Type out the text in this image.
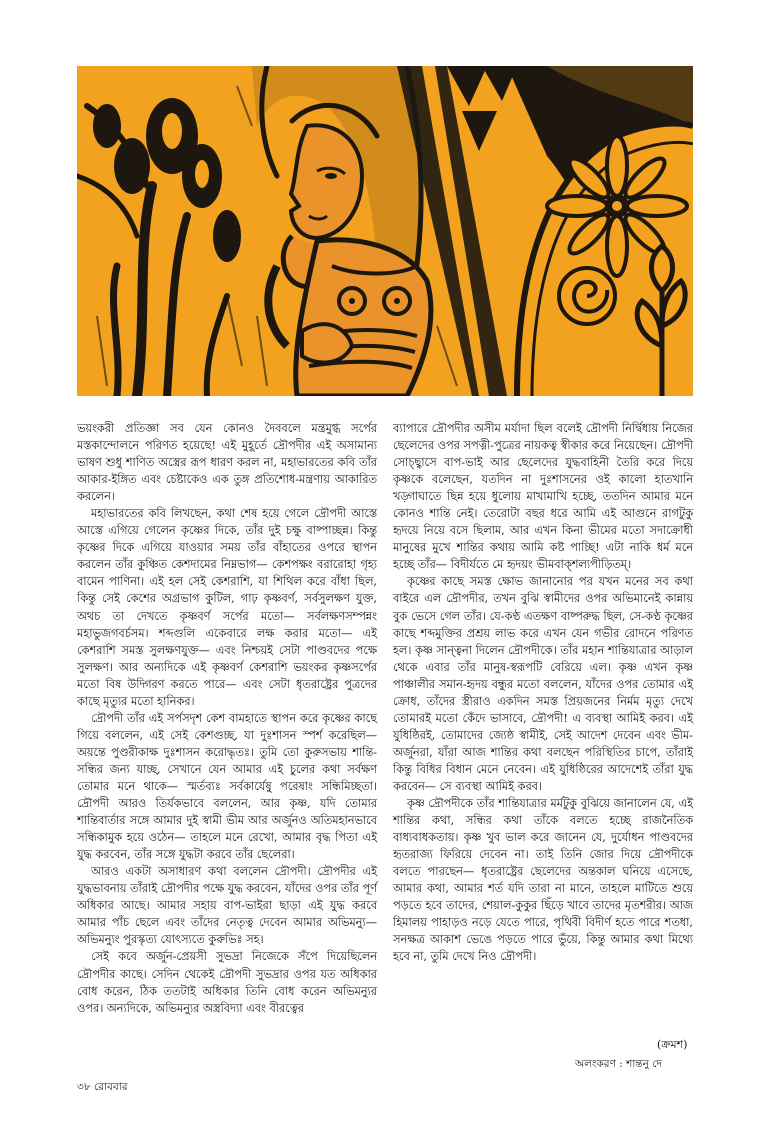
ভয়ংকরী প্রতিজ্ঞা সব যেন কোনও দৈববলে মন্ত্রমুগ্ধ সর্পের মস্তকান্দোলনে পরিণত হয়েছে! এই মুহূর্তে দ্রৌপদীর এই অসামান্য ভাষণ শুধু শাণিত অস্ত্রের রূপ ধারণ করল না, মহাভারতের কবি তাঁর আকার-ইঙ্গিত এবং চেষ্টাকেও এক তুঙ্গ প্রতিশোধ-মন্ত্রণায় আকারিত করলেন।

মহাভারতের কবি লিখছেন, কথা শেষ হয়ে গেলে দ্রৌপদী আস্তে আস্তে এগিয়ে গেলেন কৃষ্ণের দিকে, তাঁর দুই চক্ষু বাষ্পাচ্ছন্ন। কিন্তু কৃষ্ণের দিকে এগিয়ে যাওয়ার সময় তাঁর বাঁহাতের ওপরে স্থাপন করলেন তাঁর কুঞ্চিত কেশদামের নিম্নভাগ— কেশপক্ষং বরারোহা গৃহ্য বামেন পাণিনা। এই হল সেই কেশরাশি, যা শিথিল করে বাঁধা ছিল, কিন্তু সেই কেশের অগ্রভাগ কুটিল, গাঢ় কৃষ্ণবর্ণ, সর্বসুলক্ষণ যুক্ত, অথচ তা দেখতে কৃষ্ণবর্ণ সর্পের মতো— সর্বলক্ষণসম্পন্নং মহাভুজগবর্চসম। শব্দগুলি একেবারে লক্ষ করার মতো— এই কেশরাশি সমস্ত সুলক্ষণযুক্ত— এবং নিশ্চয়ই সেটা পাণ্ডবদের পক্ষে সুলক্ষণ। আর অন্যদিকে এই কৃষ্ণবর্ণ কেশরাশি ভয়ংকর কৃষ্ণসর্পের মতো বিষ উদ্গিরণ করতে পারে— এবং সেটা ধৃতরাষ্ট্রের পুত্রদের কাছে মৃত্যুর মতো হানিকর।

দ্রৌপদী তাঁর এই সর্পসদৃশ কেশ বামহাতে স্থাপন করে কৃষ্ণের কাছে গিয়ে বললেন, এই সেই কেশগুচ্ছ, যা দুঃশাসন স্পর্শ করেছিল— অয়ন্তে পুণ্ডরীকাক্ষ দুঃশাসন করোদ্ধৃতঃ। তুমি তো কুরুসভায় শান্তি-সন্ধির জন্য যাচ্ছ, সেখানে যেন আমার এই চুলের কথা সর্বক্ষণ তোমার মনে থাকে— স্মর্তব্যঃ সর্বকার্যেষু পরেষাং সন্ধিমিচ্ছতা। দ্রৌপদী আরও তির্যকভাবে বললেন, আর কৃষ্ণ, যদি তোমার শান্তিবার্তার সঙ্গে আমার দুই স্বামী ভীম আর অর্জুনও অতিমহানভাবে সন্ধিকামুক হয়ে ওঠেন— তাহলে মনে রেখো, আমার বৃদ্ধ পিতা এই যুদ্ধ করবেন, তাঁর সঙ্গে যুদ্ধটা করবে তাঁর ছেলেরা।

আরও একটা অসাধারণ কথা বললেন দ্রৌপদী। দ্রৌপদীর এই যুদ্ধভাবনায় তাঁরাই দ্রৌপদীর পক্ষে যুদ্ধ করবেন, যাঁদের ওপর তাঁর পূর্ণ অধিকার আছে। আমার সহায় বাপ-ভাইরা ছাড়া এই যুদ্ধ করবে আমার পাঁচ ছেলে এবং তাঁদের নেতৃত্ব দেবেন আমার অভিমন্যু— অভিমন্যুং পুরস্কৃত্য যোৎস্যতে কুরুভিঃ সহ।

সেই কবে অর্জুন-প্রেয়সী সুভদ্রা নিজেকে সঁপে দিয়েছিলেন দ্রৌপদীর কাছে। সেদিন থেকেই দ্রৌপদী সুভদ্রার ওপর যত অধিকার বোধ করেন, ঠিক ততটাই অধিকার তিনি বোধ করেন অভিমন্যুর ওপর। অন্যদিকে, অভিমন্যুর অস্ত্রবিদ্যা এবং বীরত্বের

ব্যাপারে দ্রৌপদীর অসীম মর্যাদা ছিল বলেই দ্রৌপদী নির্দ্বিধায় নিজের ছেলেদের ওপর সপত্নী-পুত্রের নায়কত্ব স্বীকার করে নিয়েছেন। দ্রৌপদী সোচ্ছ্বাসে বাপ-ভাই আর ছেলেদের যুদ্ধবাহিনী তৈরি করে দিয়ে কৃষ্ণকে বলেছেন, যতদিন না দুঃশাসনের ওই কালো হাতখানি খড়্গাঘাতে ছিন্ন হয়ে ধুলোয় মাখামাখি হচ্ছে, ততদিন আমার মনে কোনও শান্তি নেই। তেরোটা বছর ধরে আমি এই আগুনে রাগটুকু হৃদয়ে নিয়ে বসে ছিলাম, আর এখন কিনা ভীমের মতো সদাক্রোধী মানুষের মুখে শান্তির কথায় আমি কষ্ট পাচ্ছি! এটা নাকি ধর্ম মনে হচ্ছে তাঁর— বিদীর্যতে মে হৃদয়ং ভীমবাক্‌শল্যপীড়িতম্‌।

কৃষ্ণের কাছে সমস্ত ক্ষোভ জানানোর পর যখন মনের সব কথা বাইরে এল দ্রৌপদীর, তখন বুঝি স্বামীদের ওপর অভিমানেই কান্নায় বুক ভেসে গেল তাঁর। যে-কণ্ঠ এতক্ষণ বাষ্পরুদ্ধ ছিল, সে-কণ্ঠ কৃষ্ণের কাছে শব্দমুক্তির প্রশ্রয় লাভ করে এখন যেন গভীর রোদনে পরিণত হল। কৃষ্ণ সান্ত্বনা দিলেন দ্রৌপদীকে। তাঁর মহান শান্তিযাত্রার আড়াল থেকে এবার তাঁর মানুষ-স্বরূপটি বেরিয়ে এল। কৃষ্ণ এখন কৃষ্ণ পাঞ্চালীর সমান-হৃদয় বন্ধুর মতো বললেন, যাঁদের ওপর তোমার এই ক্রোধ, তাঁদের স্ত্রীরাও একদিন সমস্ত প্রিয়জনের নির্মম মৃত্যু দেখে তোমারই মতো কেঁদে ভাসাবে, দ্রৌপদী! এ ব্যবস্থা আমিই করব। এই যুধিষ্ঠিরই, তোমাদের জ্যেষ্ঠ স্বামীই, সেই আদেশ দেবেন এবং ভীম-অর্জুনরা, যাঁরা আজ শান্তির কথা বলছেন পরিস্থিতির চাপে, তাঁরাই কিন্তু বিধির বিধান মেনে নেবেন। এই যুধিষ্ঠিরের আদেশেই তাঁরা যুদ্ধ করবেন— সে ব্যবস্থা আমিই করব।

কৃষ্ণ দ্রৌপদীকে তাঁর শান্তিযাত্রার মর্মটুকু বুঝিয়ে জানালেন যে, এই শান্তির কথা, সন্ধির কথা তাঁকে বলতে হচ্ছে রাজনৈতিক বাধ্যবাধকতায়। কৃষ্ণ খুব ভাল করে জানেন যে, দুর্যোধন পাণ্ডবদের হৃতরাজ্য ফিরিয়ে দেবেন না। তাই তিনি জোর দিয়ে দ্রৌপদীকে বলতে পারছেন— ধৃতরাষ্ট্রের ছেলেদের অন্তকাল ঘনিয়ে এসেছে, আমার কথা, আমার শর্ত যদি তারা না মানে, তাহলে মাটিতে শুয়ে পড়তে হবে তাদের, শেয়াল-কুকুর ছিঁড়ে খাবে তাদের মৃতশরীর। আজ হিমালয় পাহাড়ও নড়ে যেতে পারে, পৃথিবী বিদীর্ণ হতে পারে শতধা, সনক্ষত্র আকাশ ভেঙে পড়তে পারে ভুঁয়ে, কিন্তু আমার কথা মিথ্যে হবে না, তুমি দেখে নিও দ্রৌপদী।

(ক্রমশ)
অলংকরণ : শান্তনু দে
৩৮ রোববার
